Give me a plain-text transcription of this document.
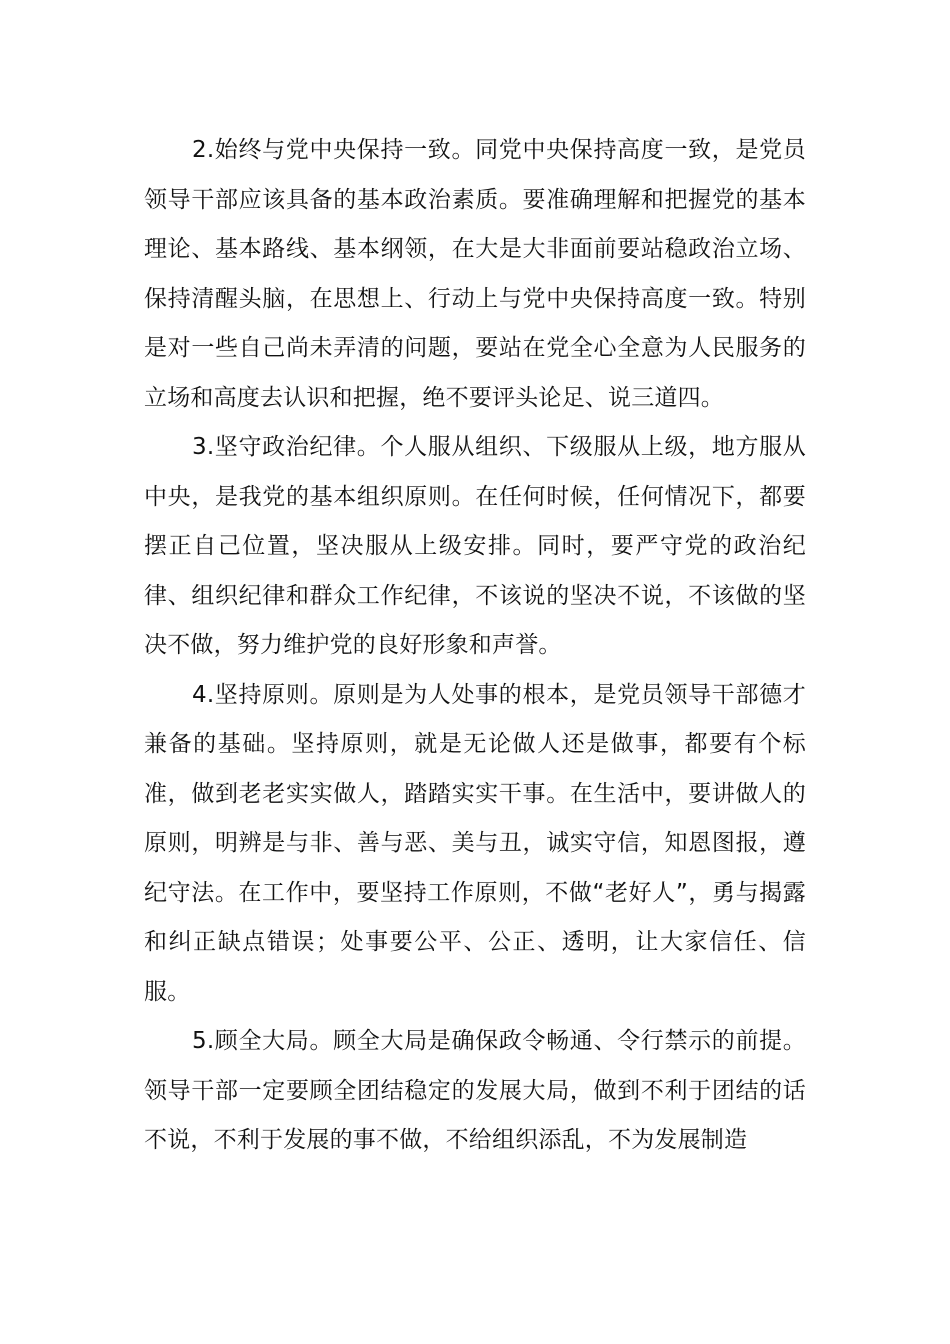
2.始终与党中央保持一致。同党中央保持高度一致，是党员领导干部应该具备的基本政治素质。要准确理解和把握党的基本理论、基本路线、基本纲领，在大是大非面前要站稳政治立场、保持清醒头脑，在思想上、行动上与党中央保持高度一致。特别是对一些自己尚未弄清的问题，要站在党全心全意为人民服务的立场和高度去认识和把握，绝不要评头论足、说三道四。

3.坚守政治纪律。个人服从组织、下级服从上级，地方服从中央，是我党的基本组织原则。在任何时候，任何情况下，都要摆正自己位置，坚决服从上级安排。同时，要严守党的政治纪律、组织纪律和群众工作纪律，不该说的坚决不说，不该做的坚决不做，努力维护党的良好形象和声誉。

4.坚持原则。原则是为人处事的根本，是党员领导干部德才兼备的基础。坚持原则，就是无论做人还是做事，都要有个标准，做到老老实实做人，踏踏实实干事。在生活中，要讲做人的原则，明辨是与非、善与恶、美与丑，诚实守信，知恩图报，遵纪守法。在工作中，要坚持工作原则，不做“老好人”，勇与揭露和纠正缺点错误；处事要公平、公正、透明，让大家信任、信服。

5.顾全大局。顾全大局是确保政令畅通、令行禁示的前提。领导干部一定要顾全团结稳定的发展大局，做到不利于团结的话不说，不利于发展的事不做，不给组织添乱，不为发展制造
